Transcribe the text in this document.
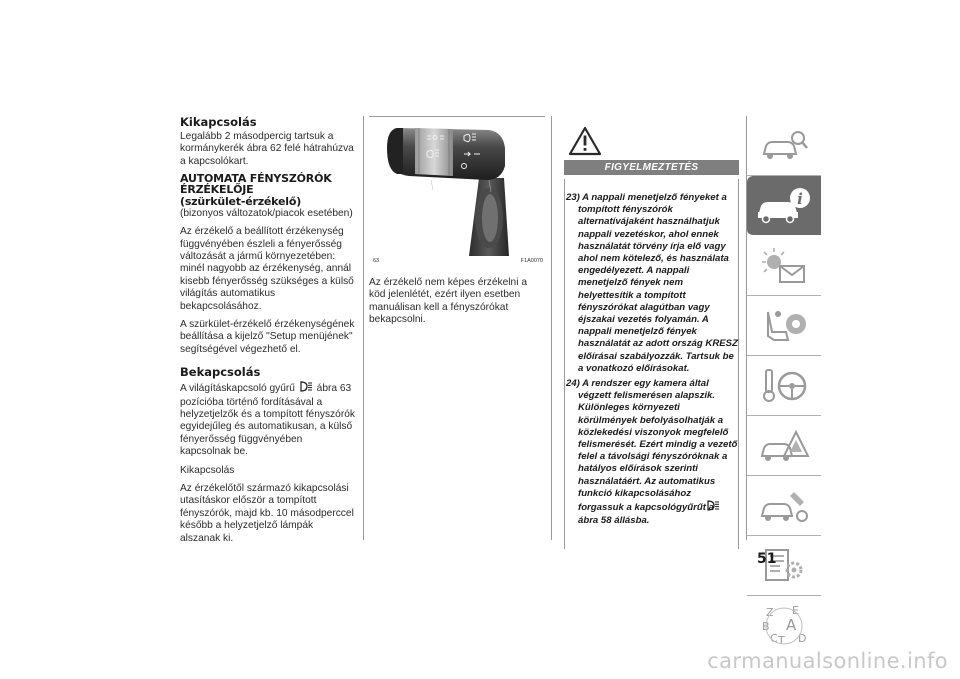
Kikapcsolás
Legalább 2 másodpercig tartsuk a kormánykerék ábra 62 felé hátrahúzva a kapcsolókart.
AUTOMATA FÉNYSZÓRÓK
ÉRZÉKELŐJE
(szürkület-érzékelő)
(bizonyos változatok/piacok esetében)
Az érzékelő a beállított érzékenység függvényében észleli a fényerősség változását a jármű környezetében: minél nagyobb az érzékenység, annál kisebb fényerősség szükséges a külső világítás automatikus bekapcsolásához.
A szürkület-érzékelő érzékenységének beállítása a kijelző "Setup menüjének" segítségével végezhető el.
Bekapcsolás
A világításkapcsoló gyűrű ábra 63 pozícióba történő fordításával a helyzetjelzők és a tompított fényszórók egyidejűleg és automatikusan, a külső fényerősség függvényében kapcsolnak be.
Kikapcsolás
Az érzékelőtől származó kikapcsolási utasításkor először a tompított fényszórók, majd kb. 10 másodperccel később a helyzetjelző lámpák alszanak ki.
63	F1A0070
Az érzékelő nem képes érzékelni a köd jelenlétét, ezért ilyen esetben manuálisan kell a fényszórókat bekapcsolni.
FIGYELMEZTETÉS
23) A nappali menetjelző fényeket a tompított fényszórók alternatívájaként használhatjuk nappali vezetéskor, ahol ennek használatát törvény írja elő vagy ahol nem kötelező, és használata engedélyezett. A nappali menetjelző fények nem helyettesítik a tompított fényszórókat alagútban vagy éjszakai vezetés folyamán. A nappali menetjelző fények használatát az adott ország KRESZ előírásai szabályozzák. Tartsuk be a vonatkozó előírásokat.
24) A rendszer egy kamera által végzett felismerésen alapszik. Különleges környezeti körülmények befolyásolhatják a közlekedési viszonyok megfelelő felismerését. Ezért mindig a vezető felel a távolsági fényszóróknak a hatályos előírások szerinti használatáért. Az automatikus funkció kikapcsolásához forgassuk a kapcsológyűrűt a  ábra 58 állásba.
i
Z E
B A
C T D
51
carmanualsonline.info
